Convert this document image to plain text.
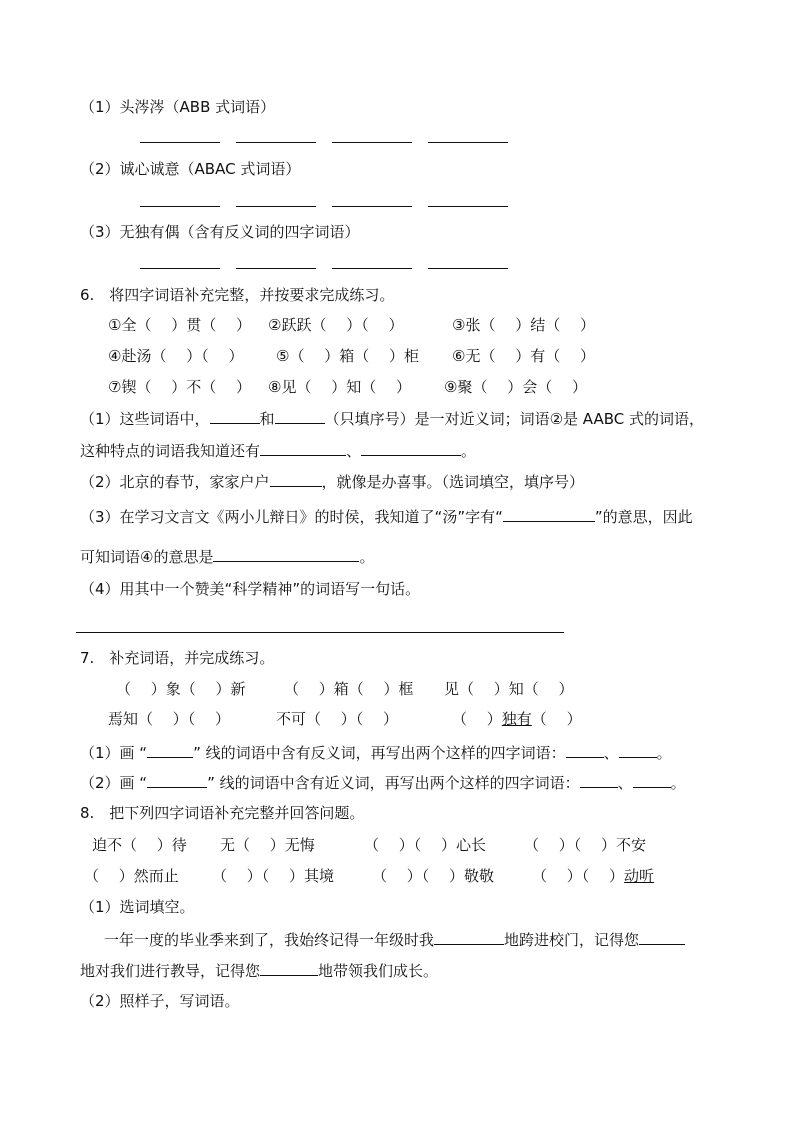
（1）头涔涔（ABB 式词语）
（2）诚心诚意（ABAC 式词语）
（3）无独有偶（含有反义词的四字词语）
6.　将四字词语补充完整，并按要求完成练习。
①全（　 ）贯（　 ） ②跃跃（　 ）（　 ）	③张（　 ）结（　 ）
④赴汤（　 ）（　 ） ⑤（　 ）箱（　 ）柜 ⑥无（　 ）有（　 ）
⑦锲（　 ）不（　 ） ⑧见（　 ）知（　 ） ⑨聚（　 ）会（　 ）
（1）这些词语中，	和	（只填序号）是一对近义词；词语②是 AABC 式的词语，
这种特点的词语我知道还有	、	。
（2）北京的春节，家家户户	，就像是办喜事。（选词填空，填序号）
（3）在学习文言文《两小儿辩日》的时侯，我知道了“汤”字有“	”的意思，因此
可知词语④的意思是	。
（4）用其中一个赞美“科学精神”的词语写一句话。
7.　补充词语，并完成练习。
（　 ）象（　 ）新	（　 ）箱（　 ）框 见（　 ）知（　 ）
焉知（　 ）（　 ）	不可（　 ）（　 ）	（　 ）独有（　 ）
（1）画 “	” 线的词语中含有反义词，再写出两个这样的四字词语：	、	。
（2）画 “	” 线的词语中含有近义词，再写出两个这样的四字词语：	、	。
8.　把下列四字词语补充完整并回答问题。
迫不（　 ）待 无（　 ）无悔	（　 ）（　 ）心长	（　 ）（　 ）不安
（　 ）然而止 （　 ）（　 ）其境	（　 ）（　 ）敬敬	（　 ）（　 ）动听
（1）选词填空。
一年一度的毕业季来到了，我始终记得一年级时我	地跨进校门，记得您
地对我们进行教导，记得您	地带领我们成长。
（2）照样子，写词语。
